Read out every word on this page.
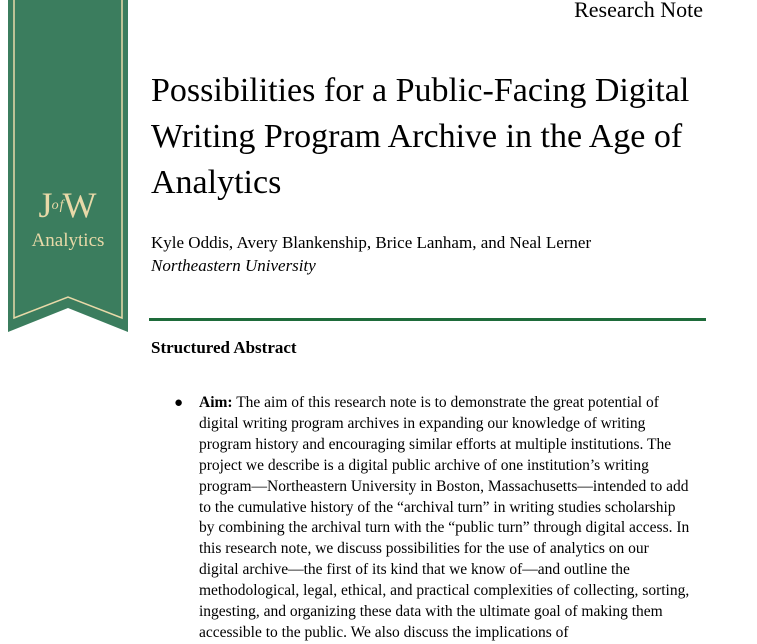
$J^{of}W$
Analytics
Research Note
Possibilities for a Public-Facing Digital Writing Program Archive in the Age of Analytics
Kyle Oddis, Avery Blankenship, Brice Lanham, and Neal Lerner
Northeastern University
Structured Abstract
● Aim: The aim of this research note is to demonstrate the great potential of digital writing program archives in expanding our knowledge of writing program history and encouraging similar efforts at multiple institutions. The project we describe is a digital public archive of one institution’s writing program—Northeastern University in Boston, Massachusetts—intended to add to the cumulative history of the “archival turn” in writing studies scholarship by combining the archival turn with the “public turn” through digital access. In this research note, we discuss possibilities for the use of analytics on our digital archive—the first of its kind that we know of—and outline the methodological, legal, ethical, and practical complexities of collecting, sorting, ingesting, and organizing these data with the ultimate goal of making them accessible to the public. We also discuss the implications of
